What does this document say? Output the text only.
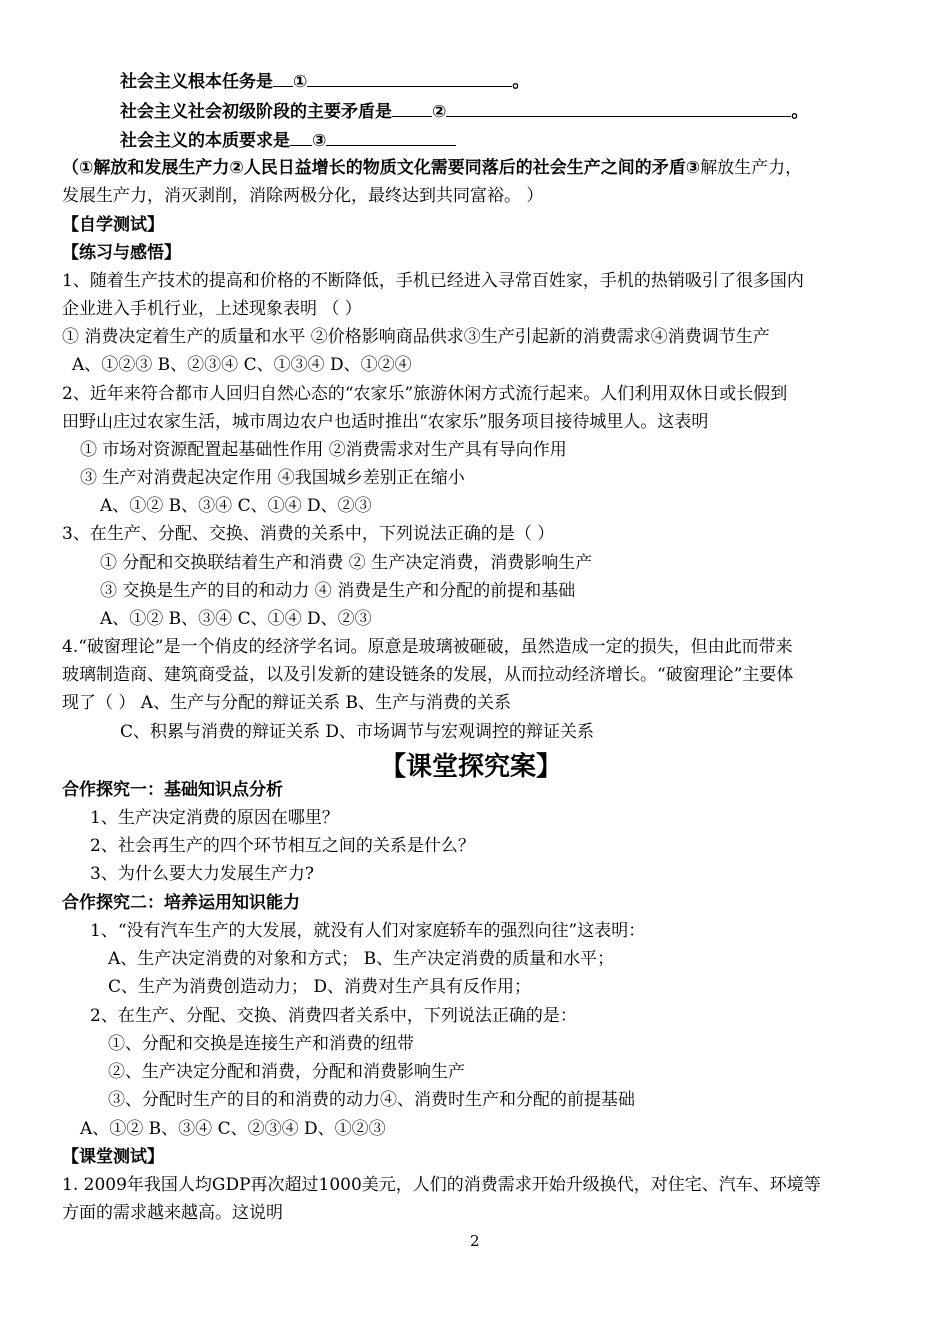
社会主义根本任务是 ①	。
社会主义社会初级阶段的主要矛盾是 ②	。
社会主义的本质要求是 ③
（①解放和发展生产力②人民日益增长的物质文化需要同落后的社会生产之间的矛盾③解放生产力，
发展生产力，消灭剥削，消除两极分化，最终达到共同富裕。 ）
【自学测试】
【练习与感悟】
1、随着生产技术的提高和价格的不断降低，手机已经进入寻常百姓家，手机的热销吸引了很多国内
企业进入手机行业，上述现象表明 （ ）
① 消费决定着生产的质量和水平 ②价格影响商品供求③生产引起新的消费需求④消费调节生产
A、①②③ B、②③④ C、①③④ D、①②④
2、近年来符合都市人回归自然心态的“农家乐”旅游休闲方式流行起来。人们利用双休日或长假到
田野山庄过农家生活，城市周边农户也适时推出“农家乐”服务项目接待城里人。这表明
① 市场对资源配置起基础性作用 ②消费需求对生产具有导向作用
③ 生产对消费起决定作用 ④我国城乡差别正在缩小
A、①② B、③④ C、①④ D、②③
3、在生产、分配、交换、消费的关系中，下列说法正确的是（ ）
① 分配和交换联结着生产和消费 ② 生产决定消费，消费影响生产
③ 交换是生产的目的和动力 ④ 消费是生产和分配的前提和基础
A、①② B、③④ C、①④ D、②③
4.“破窗理论”是一个俏皮的经济学名词。原意是玻璃被砸破，虽然造成一定的损失，但由此而带来
玻璃制造商、建筑商受益，以及引发新的建设链条的发展，从而拉动经济增长。“破窗理论”主要体
现了（ ） A、生产与分配的辩证关系 B、生产与消费的关系
C、积累与消费的辩证关系 D、市场调节与宏观调控的辩证关系
【课堂探究案】
合作探究一：基础知识点分析
1、生产决定消费的原因在哪里？
2、社会再生产的四个环节相互之间的关系是什么？
3、为什么要大力发展生产力?
合作探究二：培养运用知识能力
1、“没有汽车生产的大发展，就没有人们对家庭轿车的强烈向往”这表明：
A、生产决定消费的对象和方式； B、生产决定消费的质量和水平；
C、生产为消费创造动力； D、消费对生产具有反作用；
2、在生产、分配、交换、消费四者关系中，下列说法正确的是：
①、分配和交换是连接生产和消费的纽带
②、生产决定分配和消费，分配和消费影响生产
③、分配时生产的目的和消费的动力④、消费时生产和分配的前提基础
A、①② B、③④ C、②③④ D、①②③
【课堂测试】
1. 2009年我国人均GDP再次超过1000美元，人们的消费需求开始升级换代，对住宅、汽车、环境等
方面的需求越来越高。这说明
2
